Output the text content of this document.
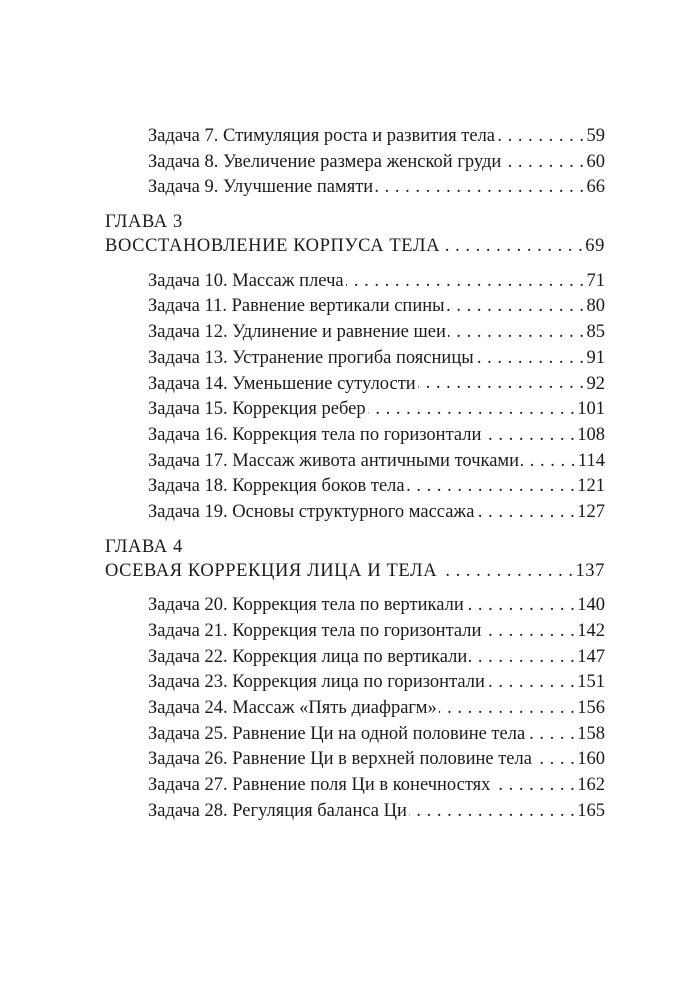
Задача 7. Стимуляция роста и развития тела . . .	59
Задача 8. Увеличение размера женской груди . . .	60
Задача 9. Улучшение памяти . . .	66
ГЛАВА 3
ВОССТАНОВЛЕНИЕ КОРПУСА ТЕЛА . . .	69
Задача 10. Массаж плеча . . .	71
Задача 11. Равнение вертикали спины . . .	80
Задача 12. Удлинение и равнение шеи . . .	85
Задача 13. Устранение прогиба поясницы . . .	91
Задача 14. Уменьшение сутулости . . .	92
Задача 15. Коррекция ребер . . .	101
Задача 16. Коррекция тела по горизонтали . . .	108
Задача 17. Массаж живота античными точками . . .	114
Задача 18. Коррекция боков тела . . .	121
Задача 19. Основы структурного массажа . . .	127
ГЛАВА 4
ОСЕВАЯ КОРРЕКЦИЯ ЛИЦА И ТЕЛА . . .	137
Задача 20. Коррекция тела по вертикали . . .	140
Задача 21. Коррекция тела по горизонтали . . .	142
Задача 22. Коррекция лица по вертикали . . .	147
Задача 23. Коррекция лица по горизонтали . . .	151
Задача 24. Массаж «Пять диафрагм» . . .	156
Задача 25. Равнение Ци на одной половине тела . . .	158
Задача 26. Равнение Ци в верхней половине тела . . . 160
Задача 27. Равнение поля Ци в конечностях . . .	162
Задача 28. Регуляция баланса Ци . . .	165
